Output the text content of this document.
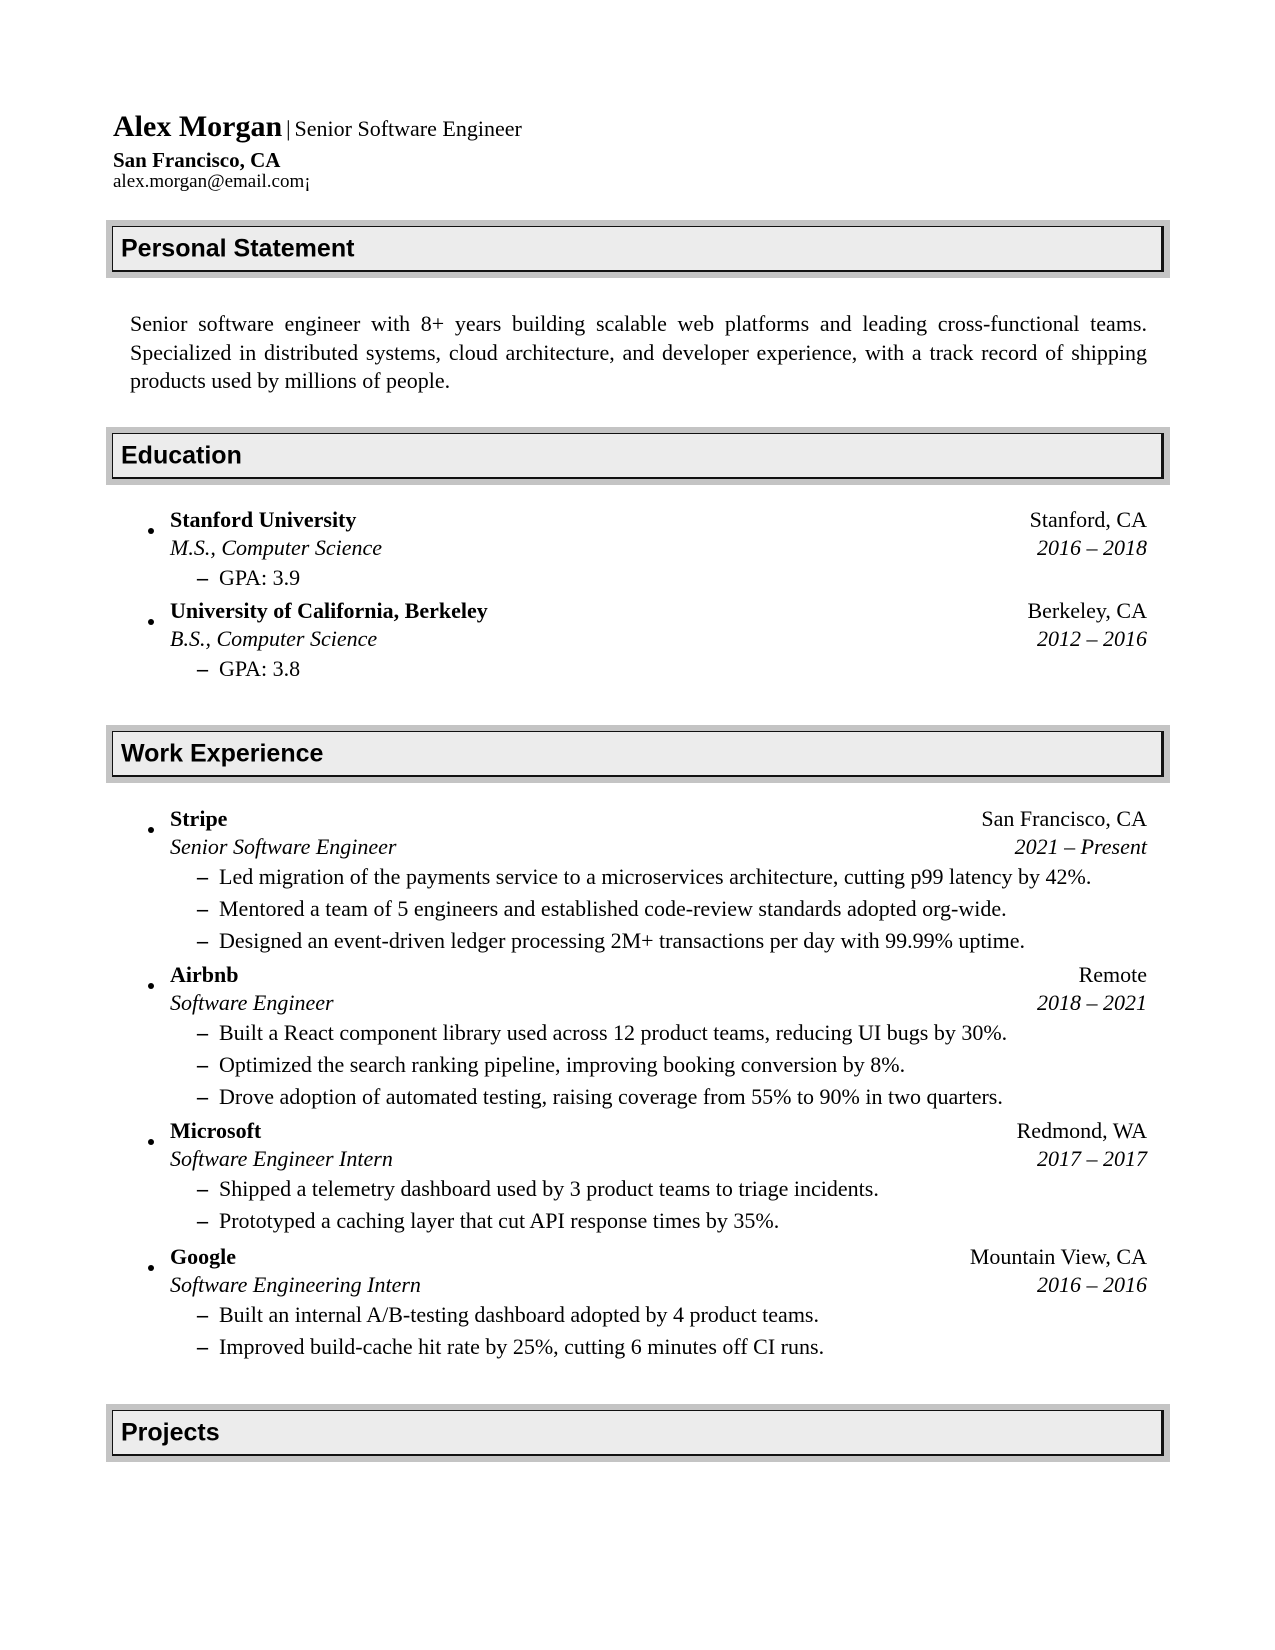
Alex Morgan | Senior Software Engineer
San Francisco, CA
alex.morgan@email.com¡
Personal Statement
Senior software engineer with 8+ years building scalable web platforms and leading cross-functional teams. Specialized in distributed systems, cloud architecture, and developer experience, with a track record of shipping products used by millions of people.
Education
Stanford University	Stanford, CA
M.S., Computer Science	2016 – 2018
– GPA: 3.9
University of California, Berkeley	Berkeley, CA
B.S., Computer Science	2012 – 2016
– GPA: 3.8
Work Experience
Stripe	San Francisco, CA
Senior Software Engineer	2021 – Present
– Led migration of the payments service to a microservices architecture, cutting p99 latency by 42%.
– Mentored a team of 5 engineers and established code-review standards adopted org-wide.
– Designed an event-driven ledger processing 2M+ transactions per day with 99.99% uptime.
Airbnb	Remote
Software Engineer	2018 – 2021
– Built a React component library used across 12 product teams, reducing UI bugs by 30%.
– Optimized the search ranking pipeline, improving booking conversion by 8%.
– Drove adoption of automated testing, raising coverage from 55% to 90% in two quarters.
Microsoft	Redmond, WA
Software Engineer Intern	2017 – 2017
– Shipped a telemetry dashboard used by 3 product teams to triage incidents.
– Prototyped a caching layer that cut API response times by 35%.
Google	Mountain View, CA
Software Engineering Intern	2016 – 2016
– Built an internal A/B-testing dashboard adopted by 4 product teams.
– Improved build-cache hit rate by 25%, cutting 6 minutes off CI runs.
Projects
